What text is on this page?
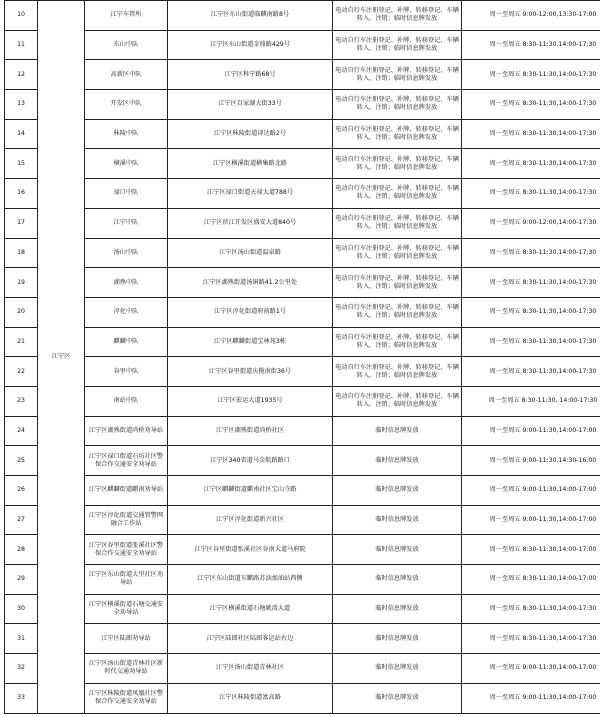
10	江宁区	江宁车管所	江宁区东山街道临麒南路8号	电动自行车注册登记、补牌、转移登记、车辆转入、注销；临时信息牌发放	周一至周五 9:00-12:00,13:30-17:00
11		东山中队	江宁区东山街道金鼎路429号	电动自行车注册登记、补牌、转移登记、车辆转入、注销；临时信息牌发放	周一至周五 8:30-11:30,14:00-17:30
12		高新区中队	江宁区科宁路68号	电动自行车注册登记、补牌、转移登记、车辆转入、注销；临时信息牌发放	周一至周五 8:30-11:30,14:00-17:30
13		开发区中队	江宁区百家湖大街33号	电动自行车注册登记、补牌、转移登记、车辆转入、注销；临时信息牌发放	周一至周五 8:30-11:30,14:00-17:30
14		秣陵中队	江宁区秣陵街道译达路2号	电动自行车注册登记、补牌、转移登记、车辆转入、注销；临时信息牌发放	周一至周五 8:30-11:30,14:00-17:30
15		横溪中队	江宁区横溪街道横集路北路	电动自行车注册登记、补牌、转移登记、车辆转入、注销；临时信息牌发放	周一至周五 8:30-11:30,14:00-17:30
16		禄口中队	江宁区禄口街道天禄大道788号	电动自行车注册登记、补牌、转移登记、车辆转入、注销；临时信息牌发放	周一至周五 8:30-11:30,14:00-17:30
17		江宁中队	江宁区滨江开发区盛安大道840号	电动自行车注册登记、补牌、转移登记、车辆转入、注销；临时信息牌发放	周一至周五 9:00-12:00,14:00-17:30
18		汤山中队	江宁区汤山街道温泉路	电动自行车注册登记、补牌、转移登记、车辆转入、注销；临时信息牌发放	周一至周五 8:30-11:30,14:00-17:30
19		湖熟中队	江宁区湖熟街道汤铜路41.2公里处	电动自行车注册登记、补牌、转移登记、车辆转入、注销；临时信息牌发放	周一至周五 8:30-11:30,14:00-17:30
20		淳化中队	江宁区淳化街道府前路1号	电动自行车注册登记、补牌、转移登记、车辆转入、注销；临时信息牌发放	周一至周五 8:30-11:30,14:00-17:30
21		麒麟中队	江宁区麒麟街道宝林苑3栋	电动自行车注册登记、补牌、转移登记、车辆转入、注销；临时信息牌发放	周一至周五 8:30-11:30,14:00-17:30
22		谷里中队	江宁区谷里街道庆揽南街36号	电动自行车注册登记、补牌、转移登记、车辆转入、注销；临时信息牌发放	周一至周五 8:30-11:30,14:00-17:30
23		南站中队	江宁区宏运大道1935号	电动自行车注册登记、补牌、转移登记、车辆转入、注销；临时信息牌发放	周一至周五 8:30-11:30, 14:00-17:30
24		江宁区湖熟街道尚桥劝导站	江宁区湖熟街道尚桥社区	临时信息牌发放	周一至周五 9:00-11:30,14:00-17:00
25		江宁区禄口街道石坊社区警保合作交通安全劝导站	江宁区340省道马金航路路口	临时信息牌发放	周一至周五 9:00-11:30,14:30-16:00
26		江宁区麒麟街道麒南劝导站	江宁区麒麟街道麒南社区宝山寺路	临时信息牌发放	周一至周五 9:00-11:30,14:00-17:00
27		江宁区淳化街道交通管警网融合工作站	江宁区淳化街道新兴社区	临时信息牌发放	周一至周五 9:00-11:30,14:00-17:00
28		江宁区谷里街道张溪社区警保合作交通安全劝导站	江宁区谷里街道张溪社区谷南大道马府院	临时信息牌发放	周一至周五 8:30-11:30,14:00-17:00
29		江宁区东山街道大里社区劝导站	江宁区东山街道东麒路苏油加油站西侧	临时信息牌发放	周一至周五 8:30-11:30,14:00-17:00
30		江宁区横溪街道石塘交通安全劝导站	江宁区横溪街道石塘姚湾大道	临时信息牌发放	周一至周五 8:30-11:30,14:00-17:30
31		江宁区陆郎劝导站	江宁区陆郎社区陆郎客运站右边	临时信息牌发放	周一至周五 8:30-11:30,14:00-17:30
32		江宁区汤山街道青林社区新时代交通劝导站	江宁区汤山街道青林社区	临时信息牌发放	周一至周五 9:00-11:30,14:00-17:00
33		江宁区秣陵街道凤凰社区警保合作交通安全劝导站	江宁区秣陵街道富高路	临时信息牌发放	周一至周五 9:00-11:30,14:00-17:00
